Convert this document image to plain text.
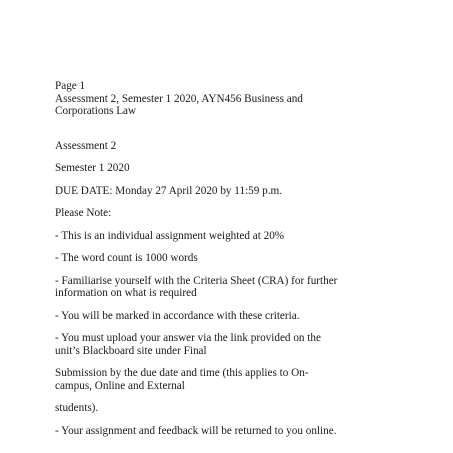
Page 1

Assessment 2, Semester 1 2020, AYN456 Business and

Corporations Law

Assessment 2

Semester 1 2020

DUE DATE: Monday 27 April 2020 by 11:59 p.m.

Please Note:

- This is an individual assignment weighted at 20%

- The word count is 1000 words

- Familiarise yourself with the Criteria Sheet (CRA) for further

information on what is required

- You will be marked in accordance with these criteria.

- You must upload your answer via the link provided on the

unit’s Blackboard site under Final

Submission by the due date and time (this applies to On-

campus, Online and External

students).

- Your assignment and feedback will be returned to you online.
